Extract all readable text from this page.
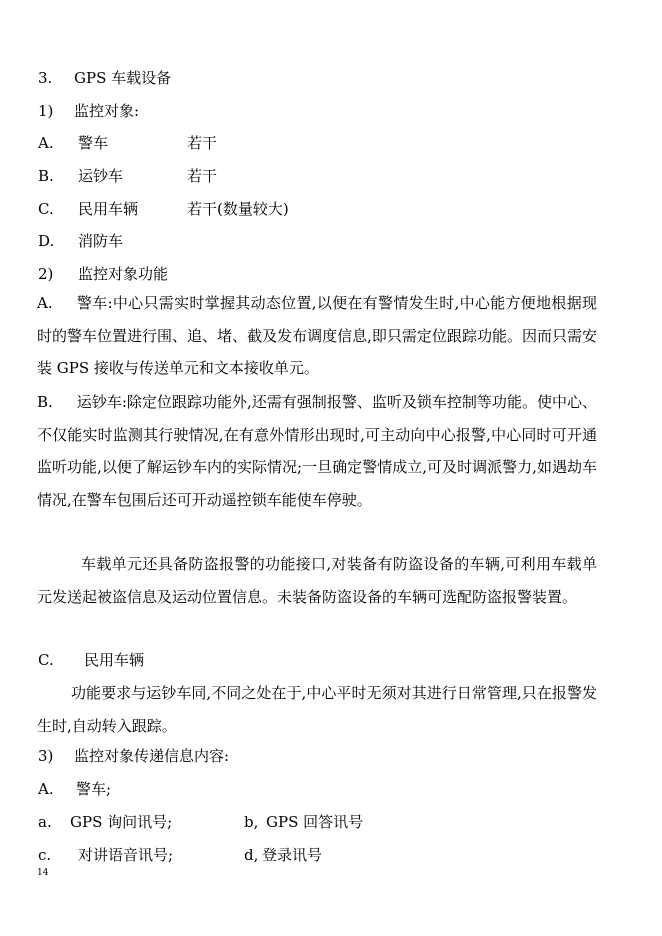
3. GPS 车载设备
1) 监控对象:
A. 警车	若干
B. 运钞车	若干
C. 民用车辆	若干(数量较大)
D. 消防车
2) 监控对象功能
A. 警车:中心只需实时掌握其动态位置,以便在有警情发生时,中心能方便地根据现时的警车位置进行围、追、堵、截及发布调度信息,即只需定位跟踪功能。因而只需安装 GPS 接收与传送单元和文本接收单元。
B. 运钞车:除定位跟踪功能外,还需有强制报警、监听及锁车控制等功能。使中心、不仅能实时监测其行驶情况,在有意外情形出现时,可主动向中心报警,中心同时可开通监听功能,以便了解运钞车内的实际情况;一旦确定警情成立,可及时调派警力,如遇劫车情况,在警车包围后还可开动遥控锁车能使车停驶。
车载单元还具备防盗报警的功能接口,对装备有防盗设备的车辆,可利用车载单元发送起被盗信息及运动位置信息。未装备防盗设备的车辆可选配防盗报警装置。
C. 民用车辆
功能要求与运钞车同,不同之处在于,中心平时无须对其进行日常管理,只在报警发生时,自动转入跟踪。
3) 监控对象传递信息内容:
A. 警车;
a. GPS 询问讯号;	b, GPS 回答讯号
c. 对讲语音讯号;	d, 登录讯号
14
